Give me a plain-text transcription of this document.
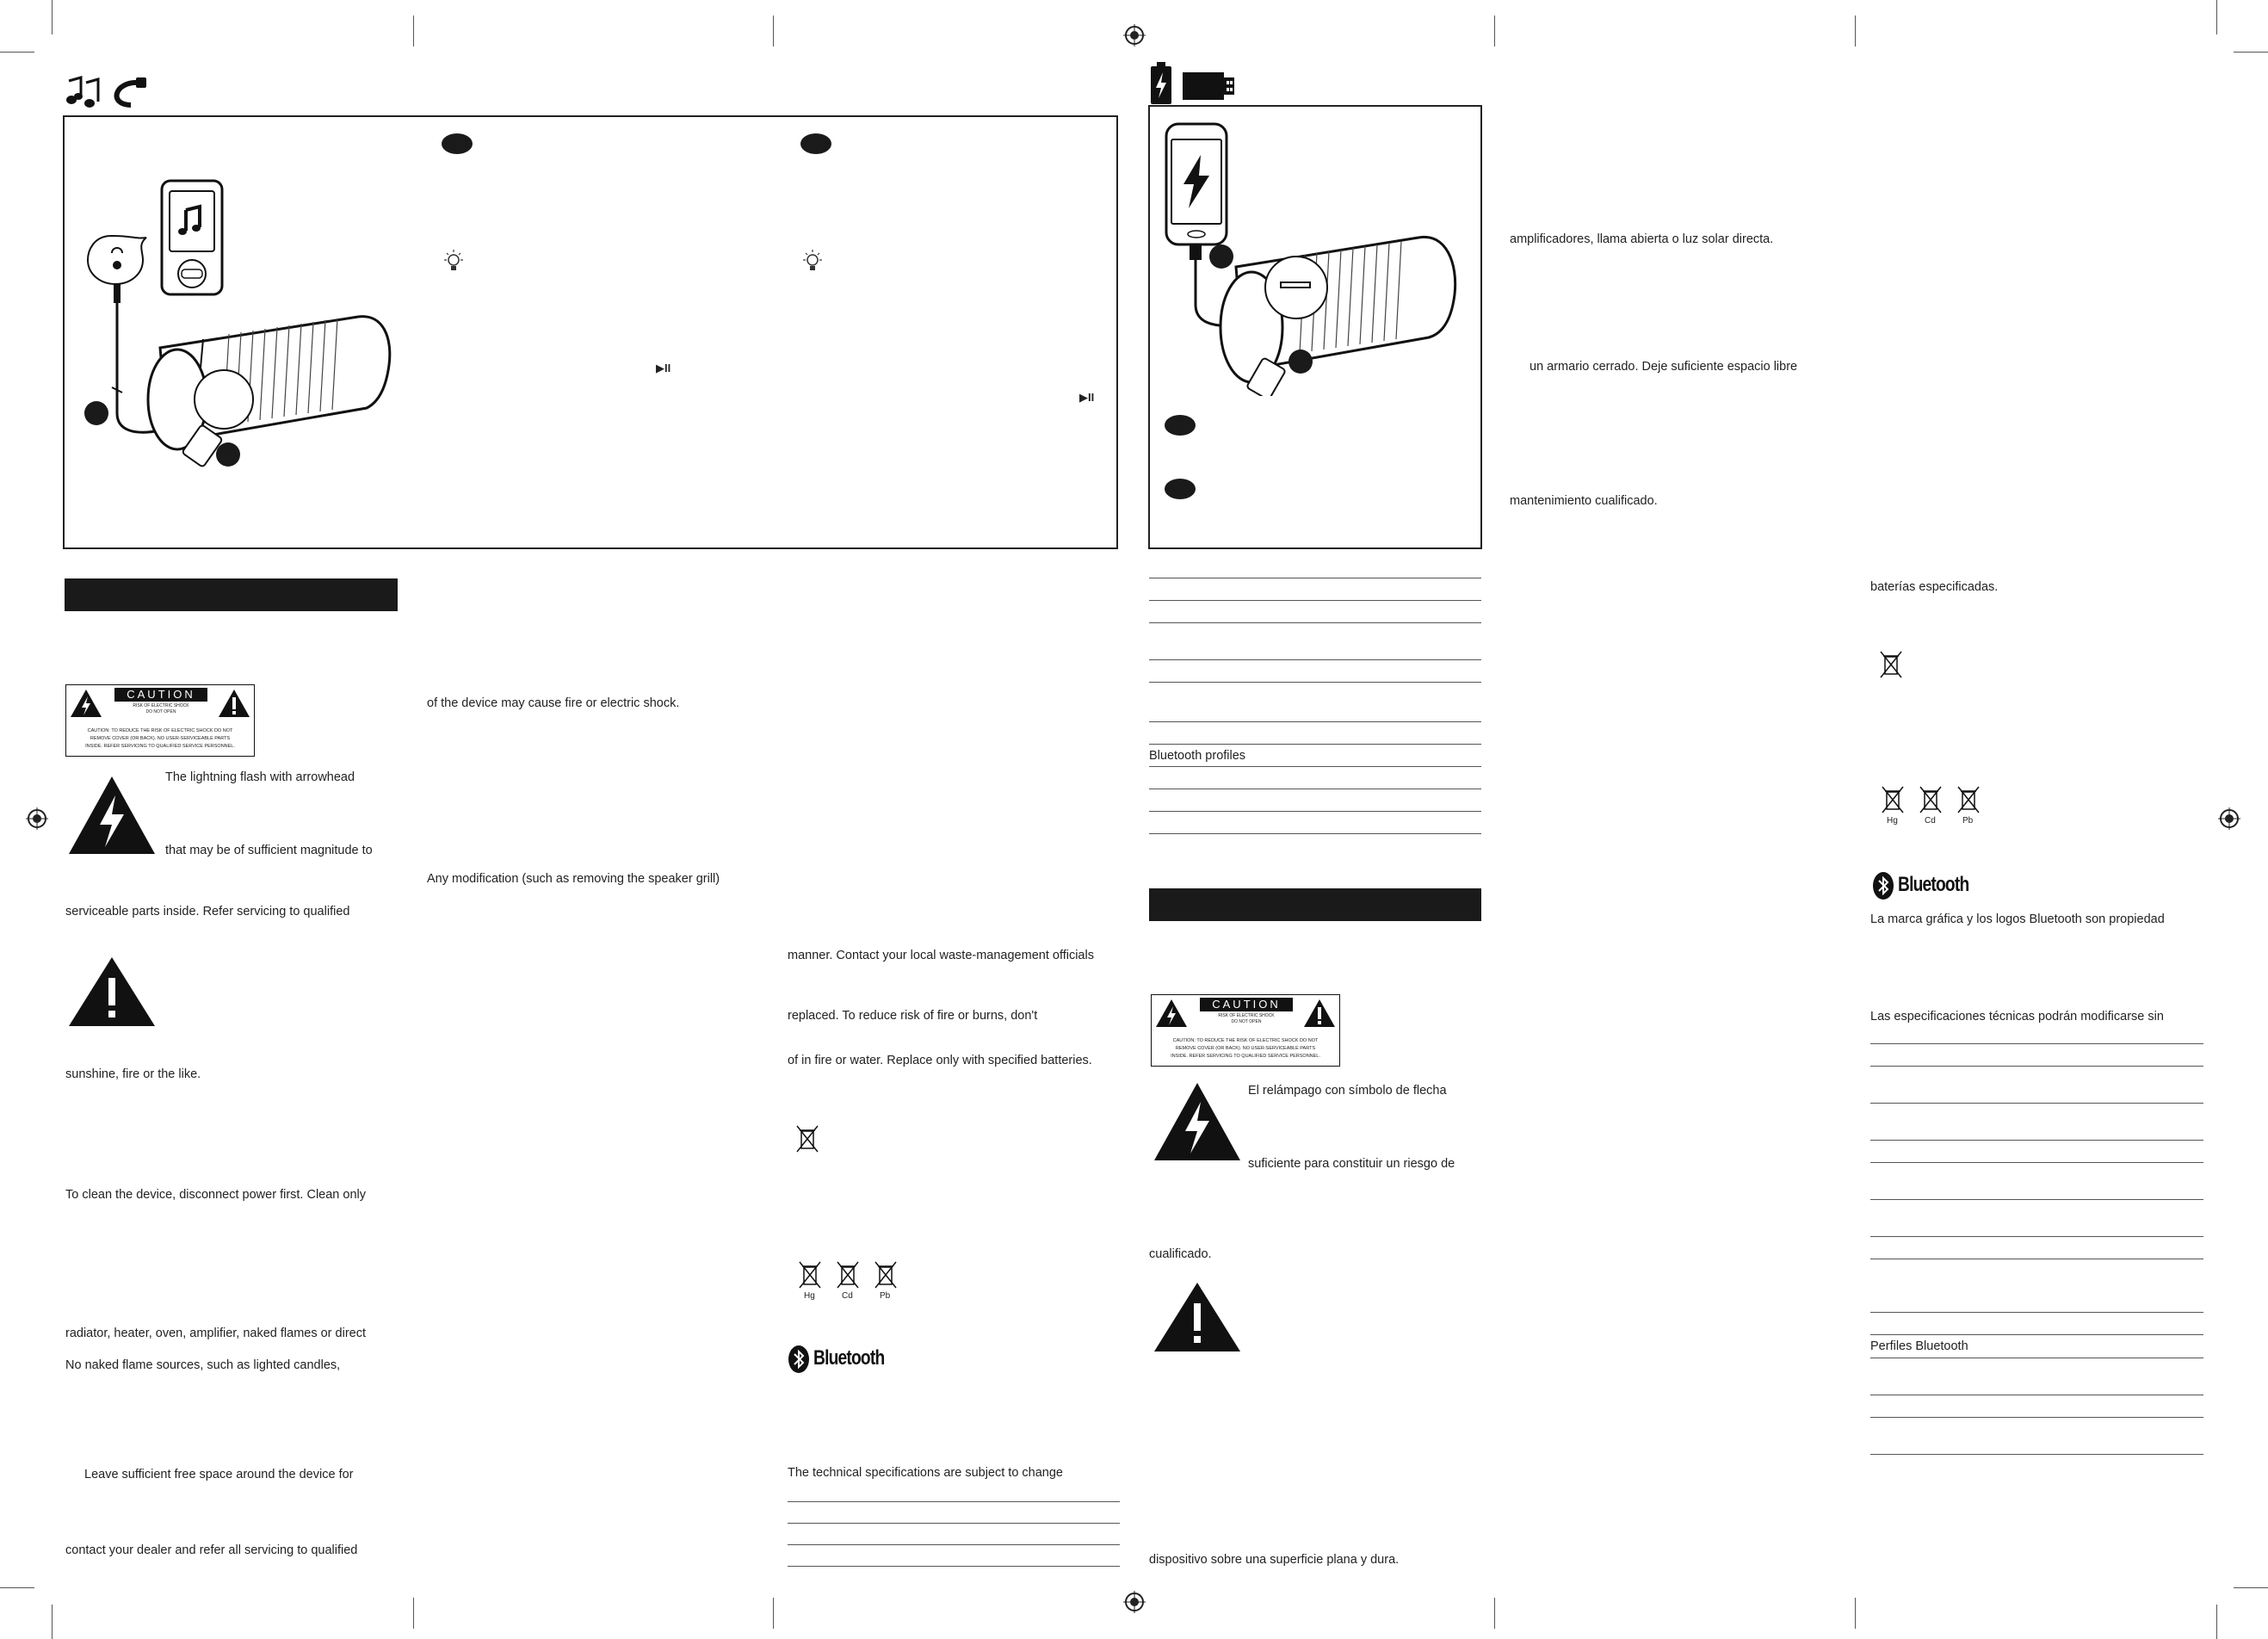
▶II
▶II
CAUTION
RISK OF ELECTRIC SHOCK
DO NOT OPEN
CAUTION: TO REDUCE THE RISK OF ELECTRIC SHOCK DO NOT
REMOVE COVER (OR BACK). NO USER-SERVICEABLE PARTS
INSIDE. REFER SERVICING TO QUALIFIED SERVICE PERSONNEL.
The lightning flash with arrowhead
that may be of sufficient magnitude to
serviceable parts inside. Refer servicing to qualified
sunshine, fire or the like.
To clean the device, disconnect power first. Clean only
radiator, heater, oven, amplifier, naked flames or direct
No naked flame sources, such as lighted candles,
Leave sufficient free space around the device for
contact your dealer and refer all servicing to qualified
of the device may cause fire or electric shock.
Any modification (such as removing the speaker grill)
manner. Contact your local waste-management officials
replaced. To reduce risk of fire or burns, don't
of in fire or water. Replace only with specified batteries.
Hg	Cd	Pb
Bluetooth
The technical specifications are subject to change
Bluetooth profiles
CAUTION
RISK OF ELECTRIC SHOCK
DO NOT OPEN
CAUTION: TO REDUCE THE RISK OF ELECTRIC SHOCK DO NOT
REMOVE COVER (OR BACK). NO USER-SERVICEABLE PARTS
INSIDE. REFER SERVICING TO QUALIFIED SERVICE PERSONNEL.
El relámpago con símbolo de flecha
suficiente para constituir un riesgo de
cualificado.
dispositivo sobre una superficie plana y dura.
amplificadores, llama abierta o luz solar directa.
un armario cerrado. Deje suficiente espacio libre
mantenimiento cualificado.
baterías especificadas.
Hg	Cd	Pb
Bluetooth
La marca gráfica y los logos Bluetooth son propiedad
Las especificaciones técnicas podrán modificarse sin
Perfiles Bluetooth
